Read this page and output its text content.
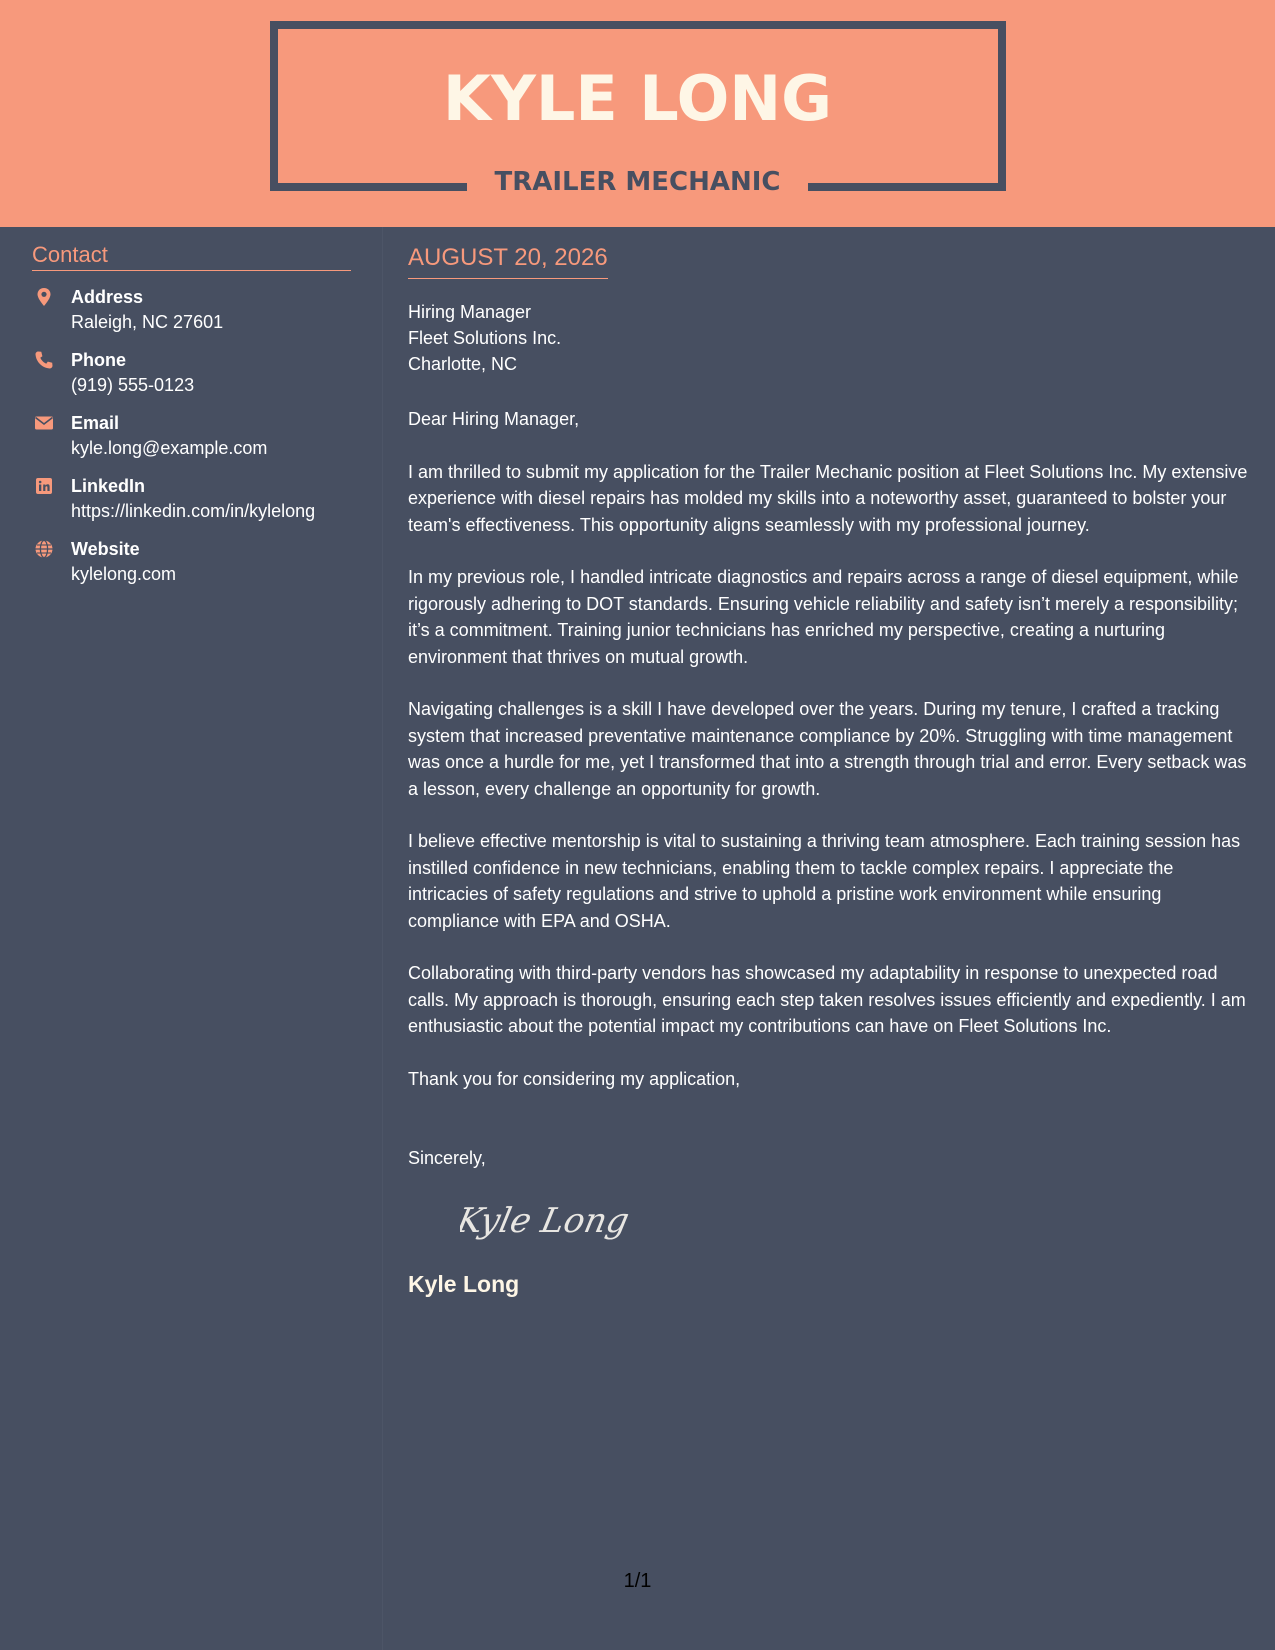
KYLE LONG
TRAILER MECHANIC
Contact
Address
Raleigh, NC 27601
Phone
(919) 555-0123
Email
kyle.long@example.com
LinkedIn
https://linkedin.com/in/kylelong
Website
kylelong.com
AUGUST 20, 2026
Hiring Manager
Fleet Solutions Inc.
Charlotte, NC

Dear Hiring Manager,

I am thrilled to submit my application for the Trailer Mechanic position at Fleet Solutions Inc. My extensive experience with diesel repairs has molded my skills into a noteworthy asset, guaranteed to bolster your team's effectiveness. This opportunity aligns seamlessly with my professional journey.

In my previous role, I handled intricate diagnostics and repairs across a range of diesel equipment, while rigorously adhering to DOT standards. Ensuring vehicle reliability and safety isn’t merely a responsibility; it’s a commitment. Training junior technicians has enriched my perspective, creating a nurturing environment that thrives on mutual growth.

Navigating challenges is a skill I have developed over the years. During my tenure, I crafted a tracking system that increased preventative maintenance compliance by 20%. Struggling with time management was once a hurdle for me, yet I transformed that into a strength through trial and error. Every setback was a lesson, every challenge an opportunity for growth.

I believe effective mentorship is vital to sustaining a thriving team atmosphere. Each training session has instilled confidence in new technicians, enabling them to tackle complex repairs. I appreciate the intricacies of safety regulations and strive to uphold a pristine work environment while ensuring compliance with EPA and OSHA.

Collaborating with third-party vendors has showcased my adaptability in response to unexpected road calls. My approach is thorough, ensuring each step taken resolves issues efficiently and expediently. I am enthusiastic about the potential impact my contributions can have on Fleet Solutions Inc.

Thank you for considering my application,

Sincerely,

Kyle Long
Kyle Long
1/1
